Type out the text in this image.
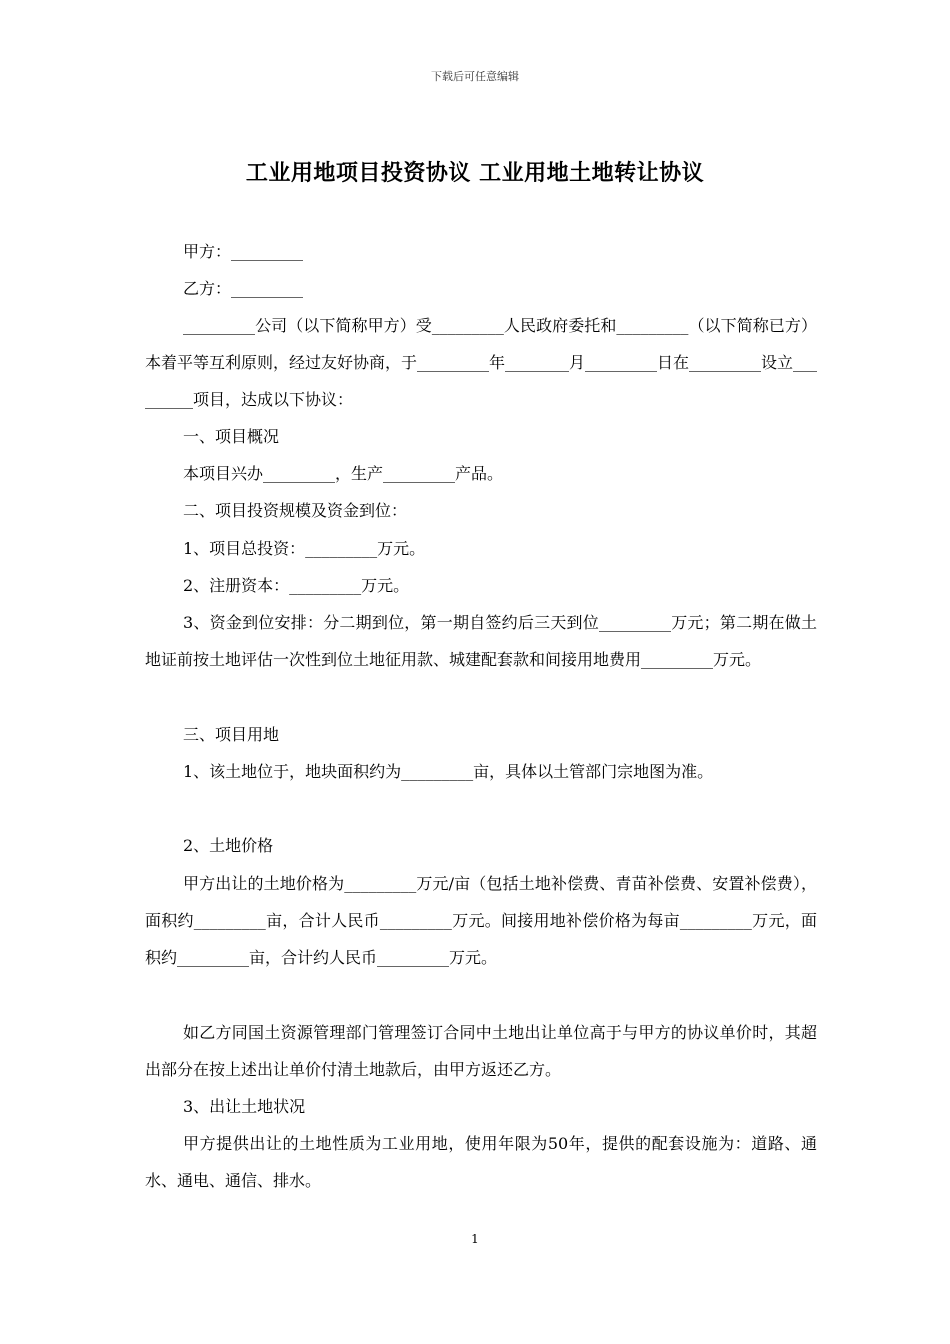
下载后可任意编辑
工业用地项目投资协议 工业用地土地转让协议

甲方：_________

乙方：_________

_________公司（以下简称甲方）受_________人民政府委托和_________（以下简称已方）本着平等互利原则，经过友好协商，于_________年________月_________日在_________设立_________项目，达成以下协议：

一、项目概况

本项目兴办_________，生产_________产品。

二、项目投资规模及资金到位：

1、项目总投资：_________万元。

2、注册资本：_________万元。

3、资金到位安排：分二期到位，第一期自签约后三天到位_________万元；第二期在做土地证前按土地评估一次性到位土地征用款、城建配套款和间接用地费用_________万元。

三、项目用地

1、该土地位于，地块面积约为_________亩，具体以土管部门宗地图为准。

2、土地价格

甲方出让的土地价格为_________万元/亩（包括土地补偿费、青苗补偿费、安置补偿费），面积约_________亩，合计人民币_________万元。间接用地补偿价格为每亩_________万元，面积约_________亩，合计约人民币_________万元。

如乙方同国土资源管理部门管理签订合同中土地出让单位高于与甲方的协议单价时，其超出部分在按上述出让单价付清土地款后，由甲方返还乙方。

3、出让土地状况

甲方提供出让的土地性质为工业用地，使用年限为50年，提供的配套设施为：道路、通水、通电、通信、排水。

1
